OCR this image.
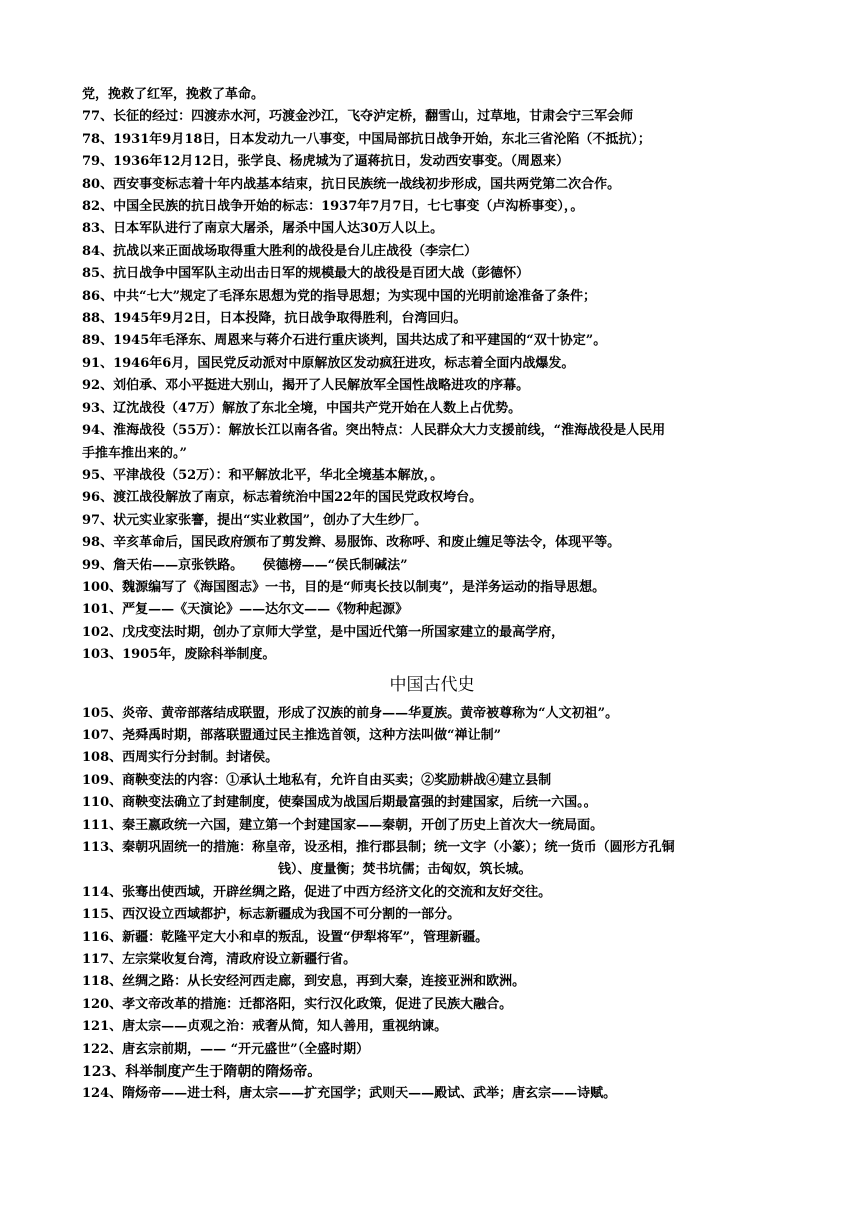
党，挽救了红军，挽救了革命。
77、长征的经过：四渡赤水河，巧渡金沙江，飞夺泸定桥，翻雪山，过草地，甘肃会宁三军会师
78、1931年9月18日，日本发动九一八事变，中国局部抗日战争开始，东北三省沦陷（不抵抗）；
79、1936年12月12日，张学良、杨虎城为了逼蒋抗日，发动西安事变。（周恩来）
80、西安事变标志着十年内战基本结束，抗日民族统一战线初步形成，国共两党第二次合作。
82、中国全民族的抗日战争开始的标志：1937年7月7日，七七事变（卢沟桥事变），。
83、日本军队进行了南京大屠杀，屠杀中国人达30万人以上。
84、抗战以来正面战场取得重大胜利的战役是台儿庄战役（李宗仁）
85、抗日战争中国军队主动出击日军的规模最大的战役是百团大战（彭德怀）
86、中共“七大”规定了毛泽东思想为党的指导思想；为实现中国的光明前途准备了条件；
88、1945年9月2日，日本投降，抗日战争取得胜利，台湾回归。
89、1945年毛泽东、周恩来与蒋介石进行重庆谈判，国共达成了和平建国的“双十协定”。
91、1946年6月，国民党反动派对中原解放区发动疯狂进攻，标志着全面内战爆发。
92、刘伯承、邓小平挺进大别山，揭开了人民解放军全国性战略进攻的序幕。
93、辽沈战役（47万）解放了东北全境，中国共产党开始在人数上占优势。
94、淮海战役（55万）：解放长江以南各省。突出特点：人民群众大力支援前线，“淮海战役是人民用
手推车推出来的。”
95、平津战役（52万）：和平解放北平，华北全境基本解放，。
96、渡江战役解放了南京，标志着统治中国22年的国民党政权垮台。
97、状元实业家张謇，提出“实业救国”，创办了大生纱厂。
98、辛亥革命后，国民政府颁布了剪发辫、易服饰、改称呼、和废止缠足等法令，体现平等。
99、詹天佑——京张铁路。　　侯德榜——“侯氏制碱法”
100、魏源编写了《海国图志》一书，目的是“师夷长技以制夷”，是洋务运动的指导思想。
101、严复——《天演论》——达尔文——《物种起源》
102、戊戌变法时期，创办了京师大学堂，是中国近代第一所国家建立的最高学府，
103、1905年，废除科举制度。
中国古代史
105、炎帝、黄帝部落结成联盟，形成了汉族的前身——华夏族。黄帝被尊称为“人文初祖”。
107、尧舜禹时期，部落联盟通过民主推选首领，这种方法叫做“禅让制”
108、西周实行分封制。封诸侯。
109、商鞅变法的内容：①承认土地私有，允许自由买卖；②奖励耕战④建立县制
110、商鞅变法确立了封建制度，使秦国成为战国后期最富强的封建国家，后统一六国。。
111、秦王嬴政统一六国，建立第一个封建国家——秦朝，开创了历史上首次大一统局面。
113、秦朝巩固统一的措施：称皇帝，设丞相，推行郡县制；统一文字（小篆）；统一货币（圆形方孔铜
钱）、度量衡；焚书坑儒；击匈奴，筑长城。
114、张骞出使西域，开辟丝绸之路，促进了中西方经济文化的交流和友好交往。
115、西汉设立西域都护，标志新疆成为我国不可分割的一部分。
116、新疆：乾隆平定大小和卓的叛乱，设置“伊犁将军”，管理新疆。
117、左宗棠收复台湾，清政府设立新疆行省。
118、丝绸之路：从长安经河西走廊，到安息，再到大秦，连接亚洲和欧洲。
120、孝文帝改革的措施：迁都洛阳，实行汉化政策，促进了民族大融合。
121、唐太宗——贞观之治：戒奢从简，知人善用，重视纳谏。
122、唐玄宗前期，—— “开元盛世”（全盛时期）
123、科举制度产生于隋朝的隋炀帝。
124、隋炀帝——进士科，唐太宗——扩充国学；武则天——殿试、武举；唐玄宗——诗赋。
